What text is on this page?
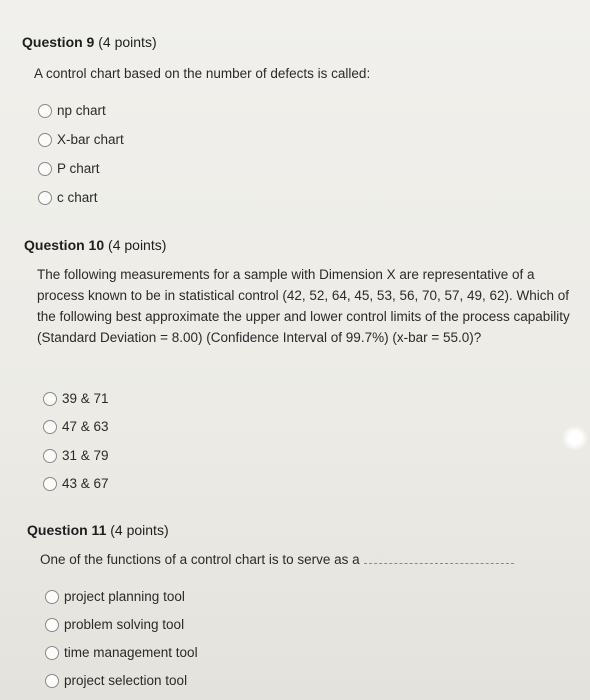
Question 9 (4 points)
A control chart based on the number of defects is called:
np chart
X-bar chart
P chart
c chart
Question 10 (4 points)
The following measurements for a sample with Dimension X are representative of a process known to be in statistical control (42, 52, 64, 45, 53, 56, 70, 57, 49, 62). Which of the following best approximate the upper and lower control limits of the process capability (Standard Deviation = 8.00) (Confidence Interval of 99.7%) (x-bar = 55.0)?
39 & 71
47 & 63
31 & 79
43 & 67
Question 11 (4 points)
One of the functions of a control chart is to serve as a
project planning tool
problem solving tool
time management tool
project selection tool
